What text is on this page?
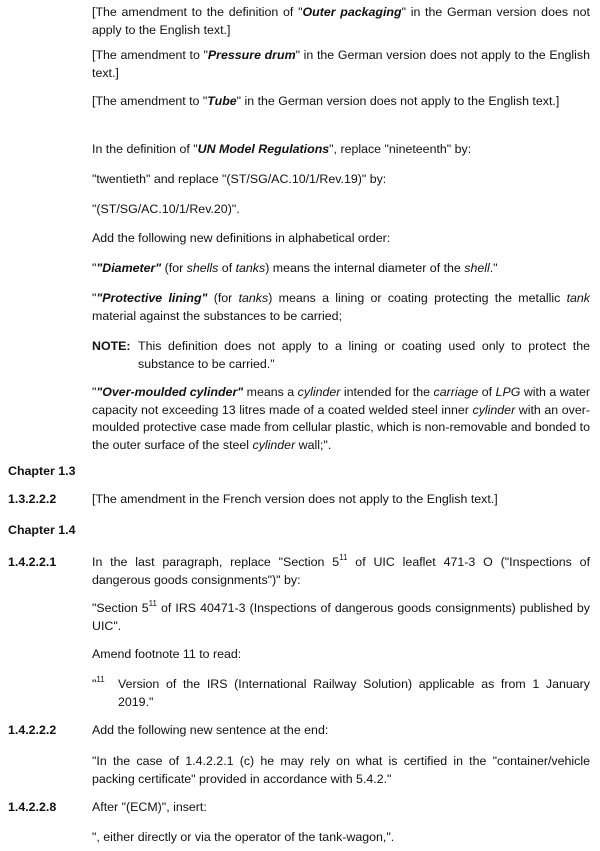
[The amendment to the definition of "Outer packaging" in the German version does not apply to the English text.]

[The amendment to "Pressure drum" in the German version does not apply to the English text.]

[The amendment to "Tube" in the German version does not apply to the English text.]

In the definition of "UN Model Regulations", replace "nineteenth" by:

"twentieth" and replace "(ST/SG/AC.10/1/Rev.19)" by:

"(ST/SG/AC.10/1/Rev.20)".

Add the following new definitions in alphabetical order:

""Diameter" (for shells of tanks) means the internal diameter of the shell."

""Protective lining" (for tanks) means a lining or coating protecting the metallic tank material against the substances to be carried;

NOTE: This definition does not apply to a lining or coating used only to protect the substance to be carried."

""Over-moulded cylinder" means a cylinder intended for the carriage of LPG with a water capacity not exceeding 13 litres made of a coated welded steel inner cylinder with an over-moulded protective case made from cellular plastic, which is non-removable and bonded to the outer surface of the steel cylinder wall;".

Chapter 1.3
1.3.2.2.2	[The amendment in the French version does not apply to the English text.]

Chapter 1.4
1.4.2.2.1	In the last paragraph, replace "Section $5^{11}$ of UIC leaflet 471-3 O ("Inspections of dangerous goods consignments")" by:

"Section $5^{11}$ of IRS 40471-3 (Inspections of dangerous goods consignments) published by UIC".

Amend footnote 11 to read:

"$^{11}$ Version of the IRS (International Railway Solution) applicable as from 1 January 2019."

1.4.2.2.2	Add the following new sentence at the end:

"In the case of 1.4.2.2.1 (c) he may rely on what is certified in the "container/vehicle packing certificate" provided in accordance with 5.4.2."

1.4.2.2.8	After "(ECM)", insert:

", either directly or via the operator of the tank-wagon,".
